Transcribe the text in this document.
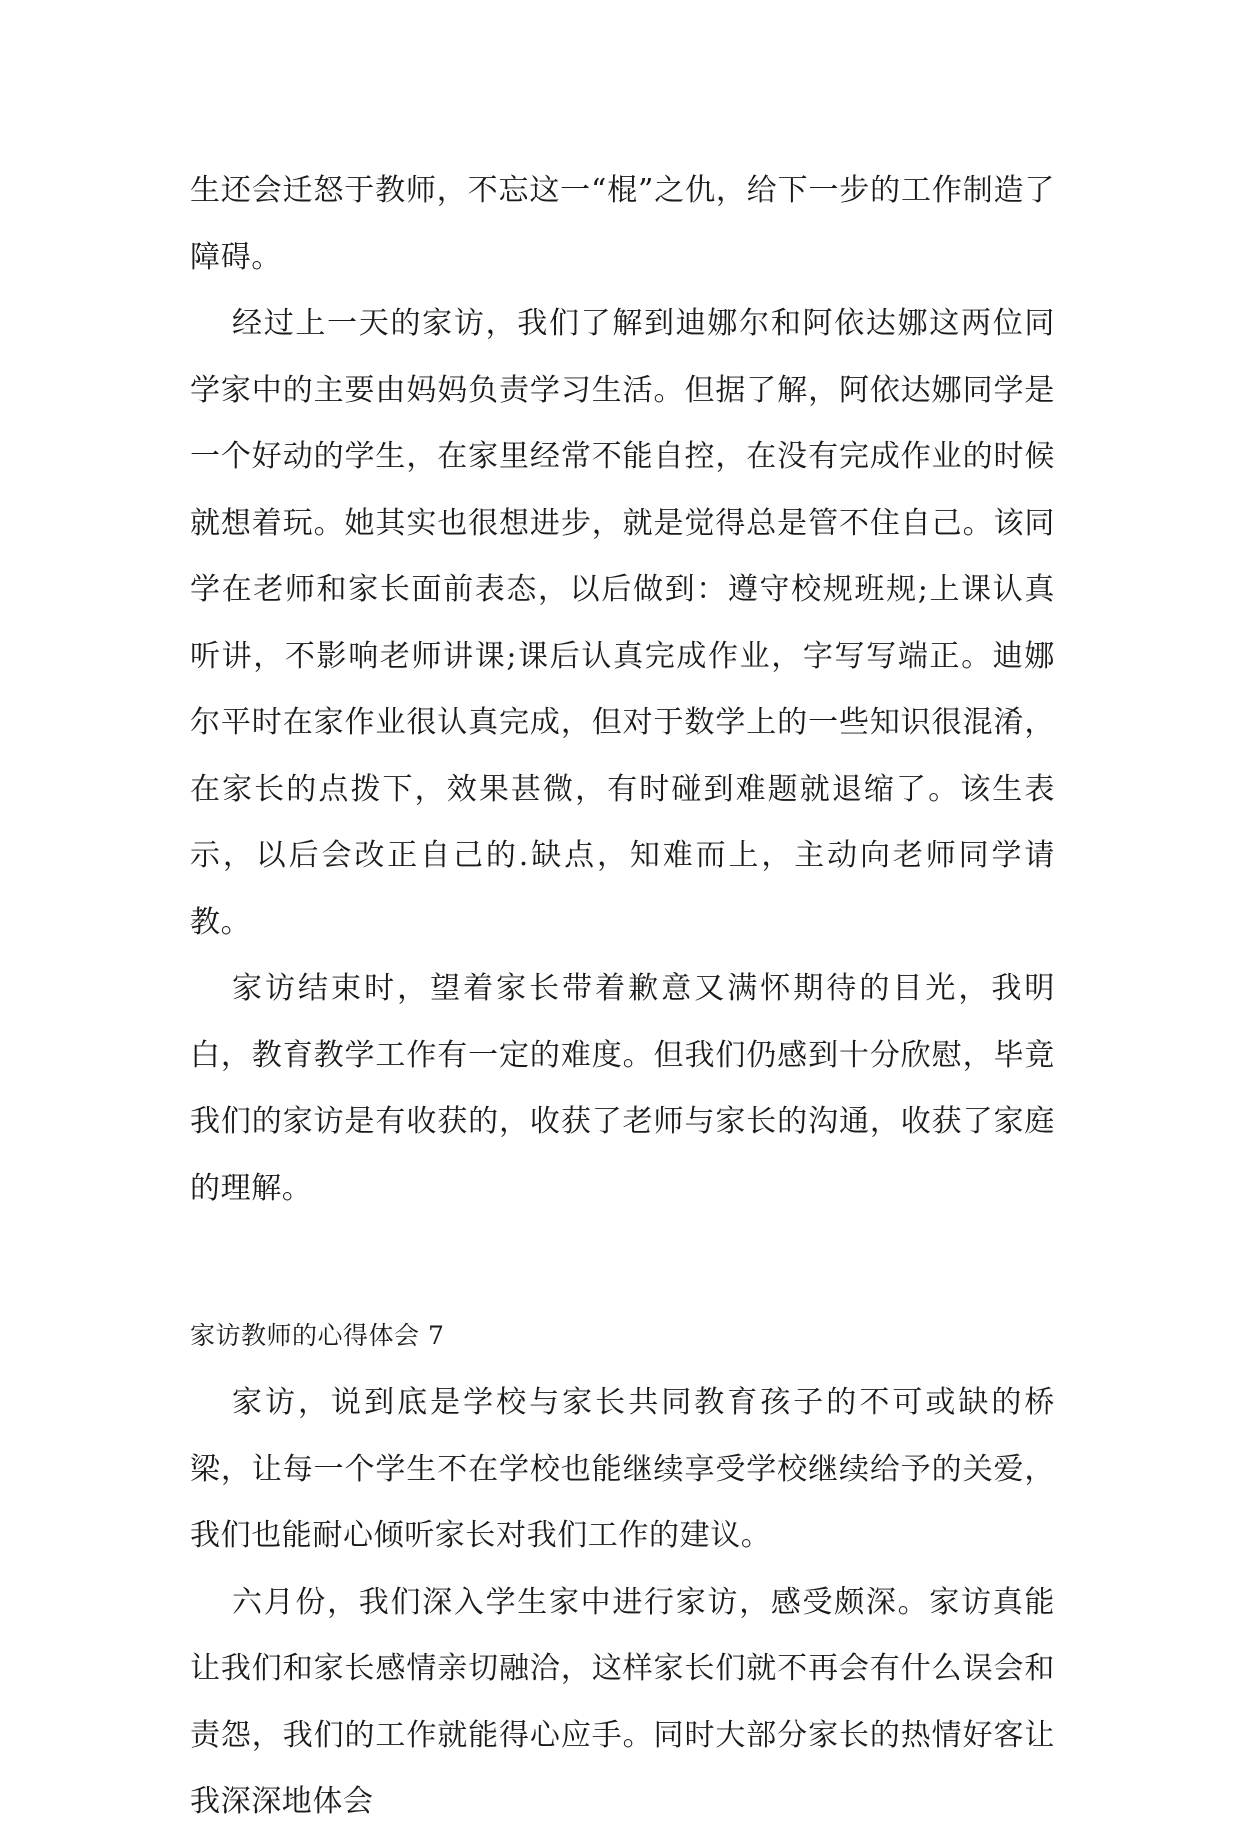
生还会迁怒于教师，不忘这一“棍”之仇，给下一步的工作制造了障碍。

经过上一天的家访，我们了解到迪娜尔和阿依达娜这两位同学家中的主要由妈妈负责学习生活。但据了解，阿依达娜同学是一个好动的学生，在家里经常不能自控，在没有完成作业的时候就想着玩。她其实也很想进步，就是觉得总是管不住自己。该同学在老师和家长面前表态，以后做到：遵守校规班规;上课认真听讲，不影响老师讲课;课后认真完成作业，字写写端正。迪娜尔平时在家作业很认真完成，但对于数学上的一些知识很混淆，在家长的点拨下，效果甚微，有时碰到难题就退缩了。该生表示，以后会改正自己的.缺点，知难而上，主动向老师同学请教。

家访结束时，望着家长带着歉意又满怀期待的目光，我明白，教育教学工作有一定的难度。但我们仍感到十分欣慰，毕竟我们的家访是有收获的，收获了老师与家长的沟通，收获了家庭的理解。

家访教师的心得体会 7

家访，说到底是学校与家长共同教育孩子的不可或缺的桥梁，让每一个学生不在学校也能继续享受学校继续给予的关爱，我们也能耐心倾听家长对我们工作的建议。

六月份，我们深入学生家中进行家访，感受颇深。家访真能让我们和家长感情亲切融洽，这样家长们就不再会有什么误会和责怨，我们的工作就能得心应手。同时大部分家长的热情好客让我深深地体会
